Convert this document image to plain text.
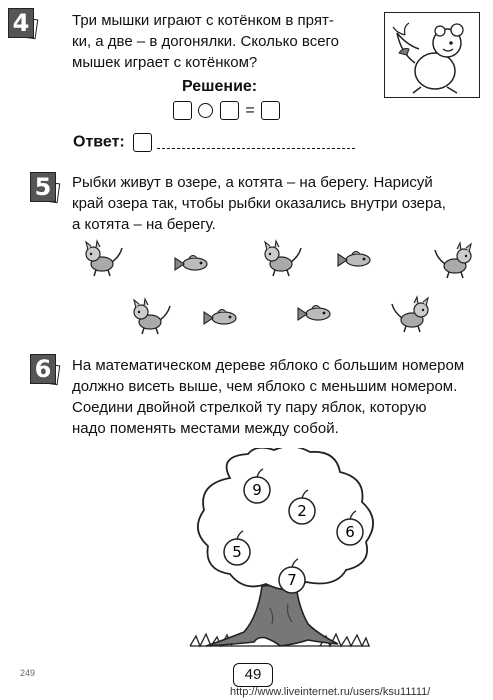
4	Три мышки играют с котёнком в прят-
ки, а две – в догонялки. Сколько всего
мышек играет с котёнком?
Решение:
=
Ответ:
5	Рыбки живут в озере, а котята – на берегу. Нарисуй
край озера так, чтобы рыбки оказались внутри озера,
а котята – на берегу.
6	На математическом дереве яблоко с большим номером
должно висеть выше, чем яблоко с меньшим номером.
Соедини двойной стрелкой ту пару яблок, которую
надо поменять местами между собой.
9
2
6
5
7
249	49
http://www.liveinternet.ru/users/ksu11111/
